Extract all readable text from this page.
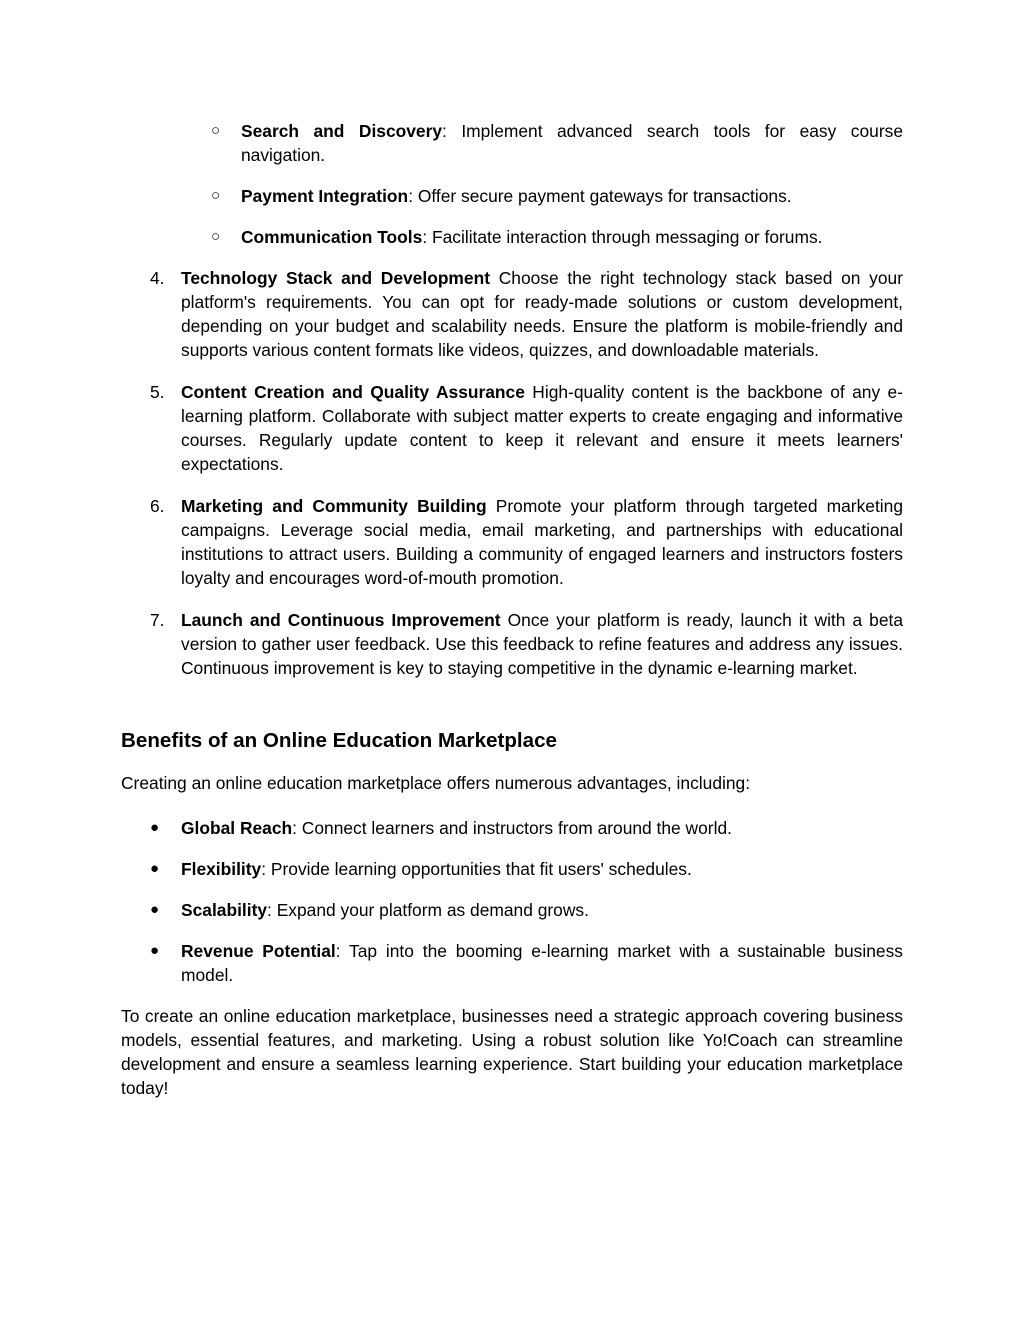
○ Search and Discovery: Implement advanced search tools for easy course navigation.
○ Payment Integration: Offer secure payment gateways for transactions.
○ Communication Tools: Facilitate interaction through messaging or forums.
4. Technology Stack and Development Choose the right technology stack based on your platform's requirements. You can opt for ready-made solutions or custom development, depending on your budget and scalability needs. Ensure the platform is mobile-friendly and supports various content formats like videos, quizzes, and downloadable materials.
5. Content Creation and Quality Assurance High-quality content is the backbone of any e-learning platform. Collaborate with subject matter experts to create engaging and informative courses. Regularly update content to keep it relevant and ensure it meets learners' expectations.
6. Marketing and Community Building Promote your platform through targeted marketing campaigns. Leverage social media, email marketing, and partnerships with educational institutions to attract users. Building a community of engaged learners and instructors fosters loyalty and encourages word-of-mouth promotion.
7. Launch and Continuous Improvement Once your platform is ready, launch it with a beta version to gather user feedback. Use this feedback to refine features and address any issues. Continuous improvement is key to staying competitive in the dynamic e-learning market.
Benefits of an Online Education Marketplace
Creating an online education marketplace offers numerous advantages, including:
● Global Reach: Connect learners and instructors from around the world.
● Flexibility: Provide learning opportunities that fit users' schedules.
● Scalability: Expand your platform as demand grows.
● Revenue Potential: Tap into the booming e-learning market with a sustainable business model.
To create an online education marketplace, businesses need a strategic approach covering business models, essential features, and marketing. Using a robust solution like Yo!Coach can streamline development and ensure a seamless learning experience. Start building your education marketplace today!
